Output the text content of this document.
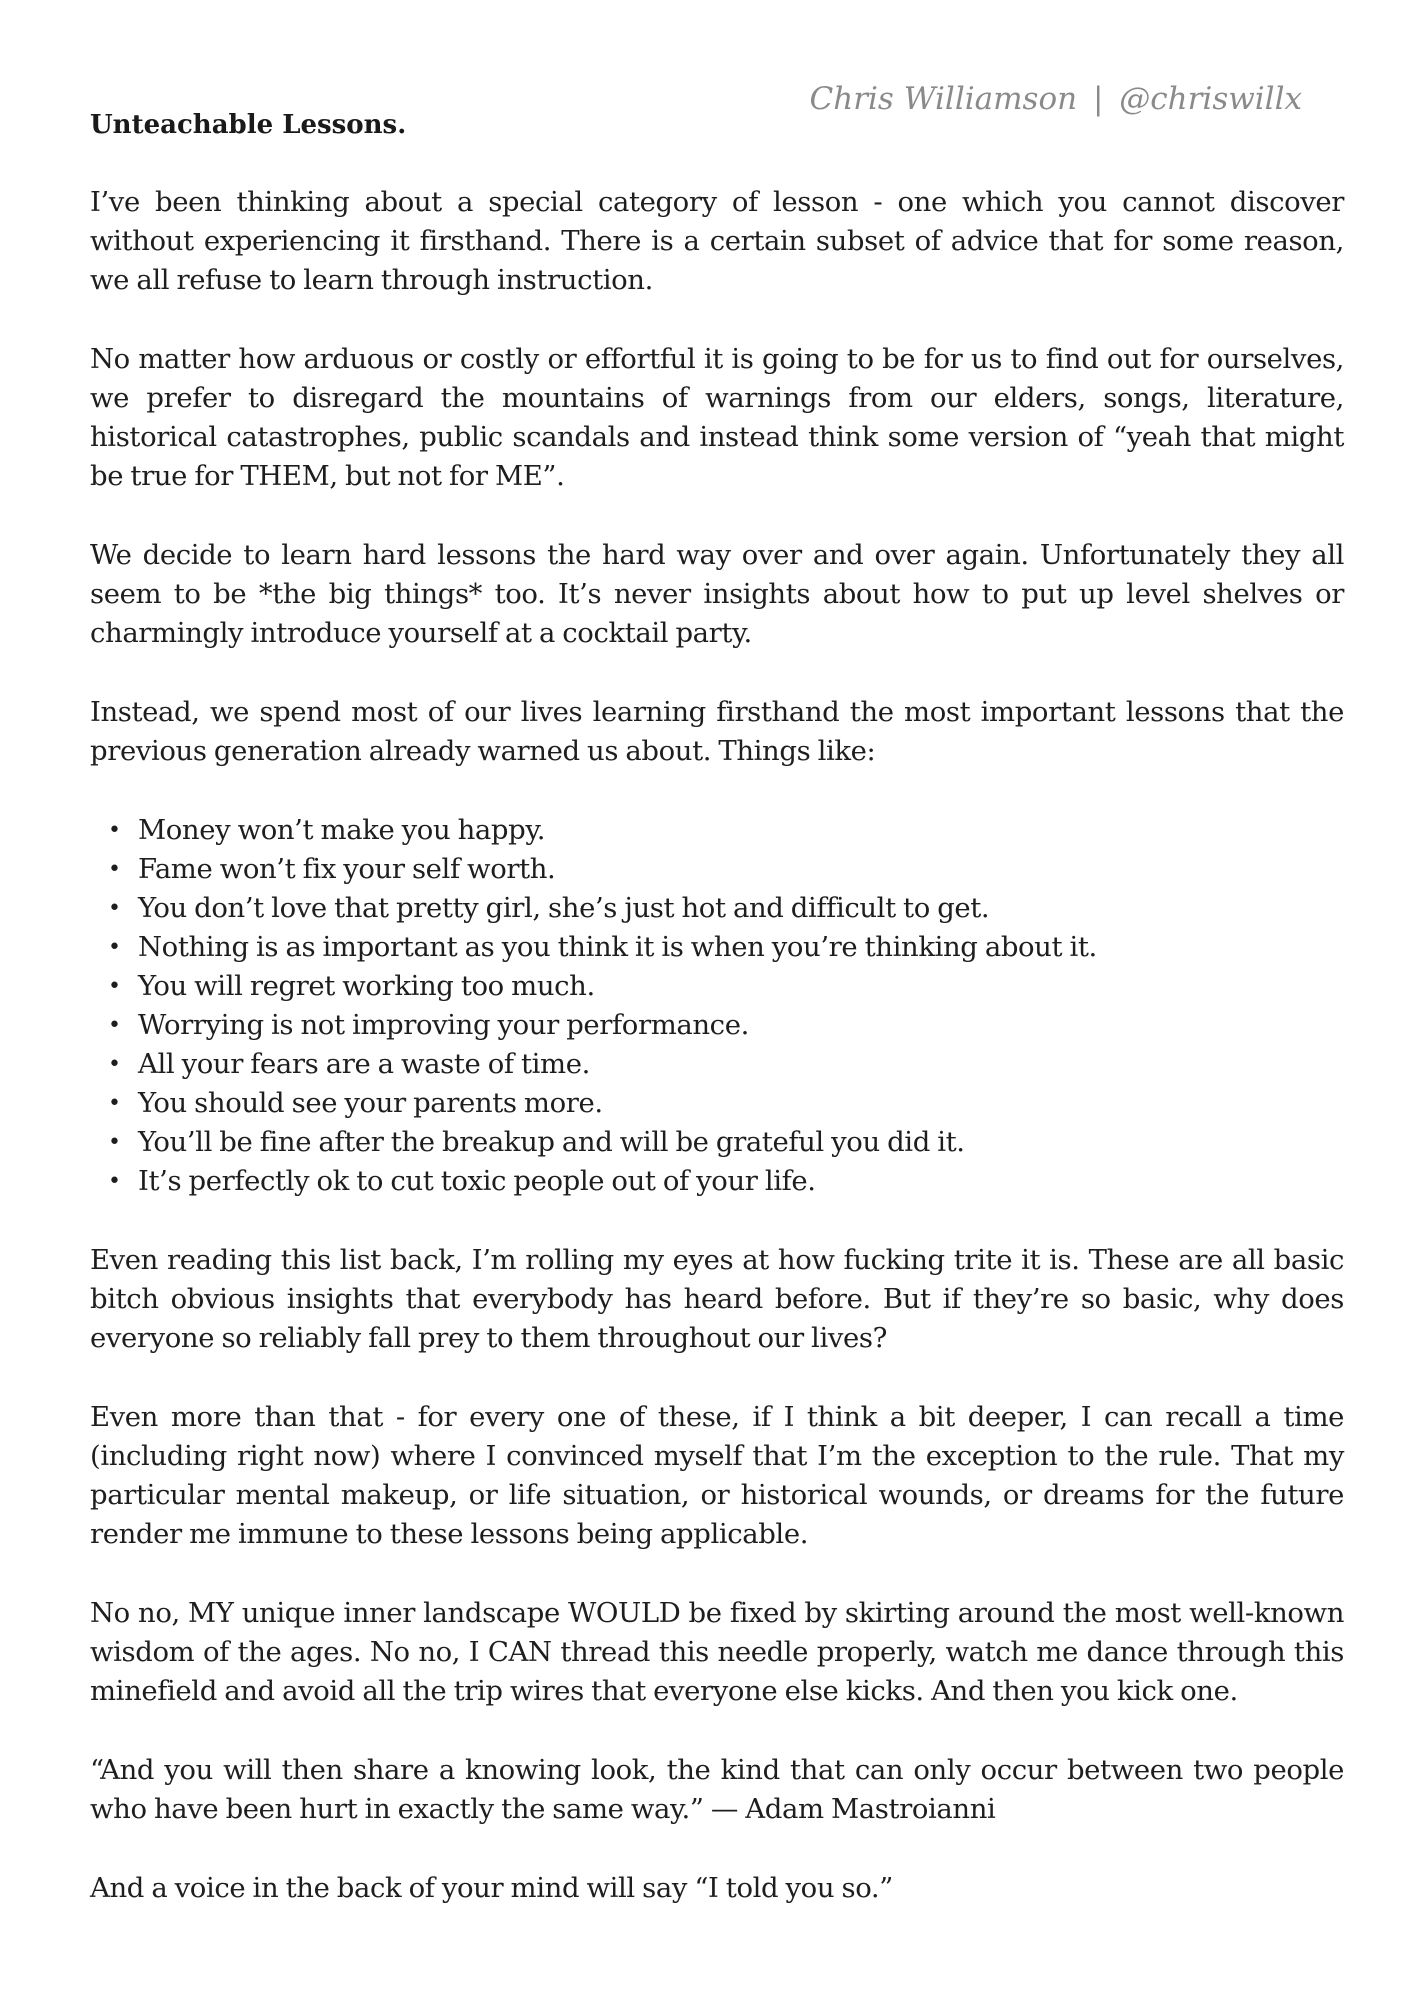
Chris Williamson | @chriswillx
Unteachable Lessons.

I’ve been thinking about a special category of lesson - one which you cannot discover without experiencing it firsthand. There is a certain subset of advice that for some reason, we all refuse to learn through instruction.

No matter how arduous or costly or effortful it is going to be for us to find out for ourselves, we prefer to disregard the mountains of warnings from our elders, songs, literature, historical catastrophes, public scandals and instead think some version of “yeah that might be true for THEM, but not for ME”.

We decide to learn hard lessons the hard way over and over again. Unfortunately they all seem to be *the big things* too. It’s never insights about how to put up level shelves or charmingly introduce yourself at a cocktail party.

Instead, we spend most of our lives learning firsthand the most important lessons that the previous generation already warned us about. Things like:

• Money won’t make you happy.
• Fame won’t fix your self worth.
• You don’t love that pretty girl, she’s just hot and difficult to get.
• Nothing is as important as you think it is when you’re thinking about it.
• You will regret working too much.
• Worrying is not improving your performance.
• All your fears are a waste of time.
• You should see your parents more.
• You’ll be fine after the breakup and will be grateful you did it.
• It’s perfectly ok to cut toxic people out of your life.

Even reading this list back, I’m rolling my eyes at how fucking trite it is. These are all basic bitch obvious insights that everybody has heard before. But if they’re so basic, why does everyone so reliably fall prey to them throughout our lives?

Even more than that - for every one of these, if I think a bit deeper, I can recall a time (including right now) where I convinced myself that I’m the exception to the rule. That my particular mental makeup, or life situation, or historical wounds, or dreams for the future render me immune to these lessons being applicable.

No no, MY unique inner landscape WOULD be fixed by skirting around the most well-known wisdom of the ages. No no, I CAN thread this needle properly, watch me dance through this minefield and avoid all the trip wires that everyone else kicks. And then you kick one.

“And you will then share a knowing look, the kind that can only occur between two people who have been hurt in exactly the same way.” — Adam Mastroianni

And a voice in the back of your mind will say “I told you so.”
